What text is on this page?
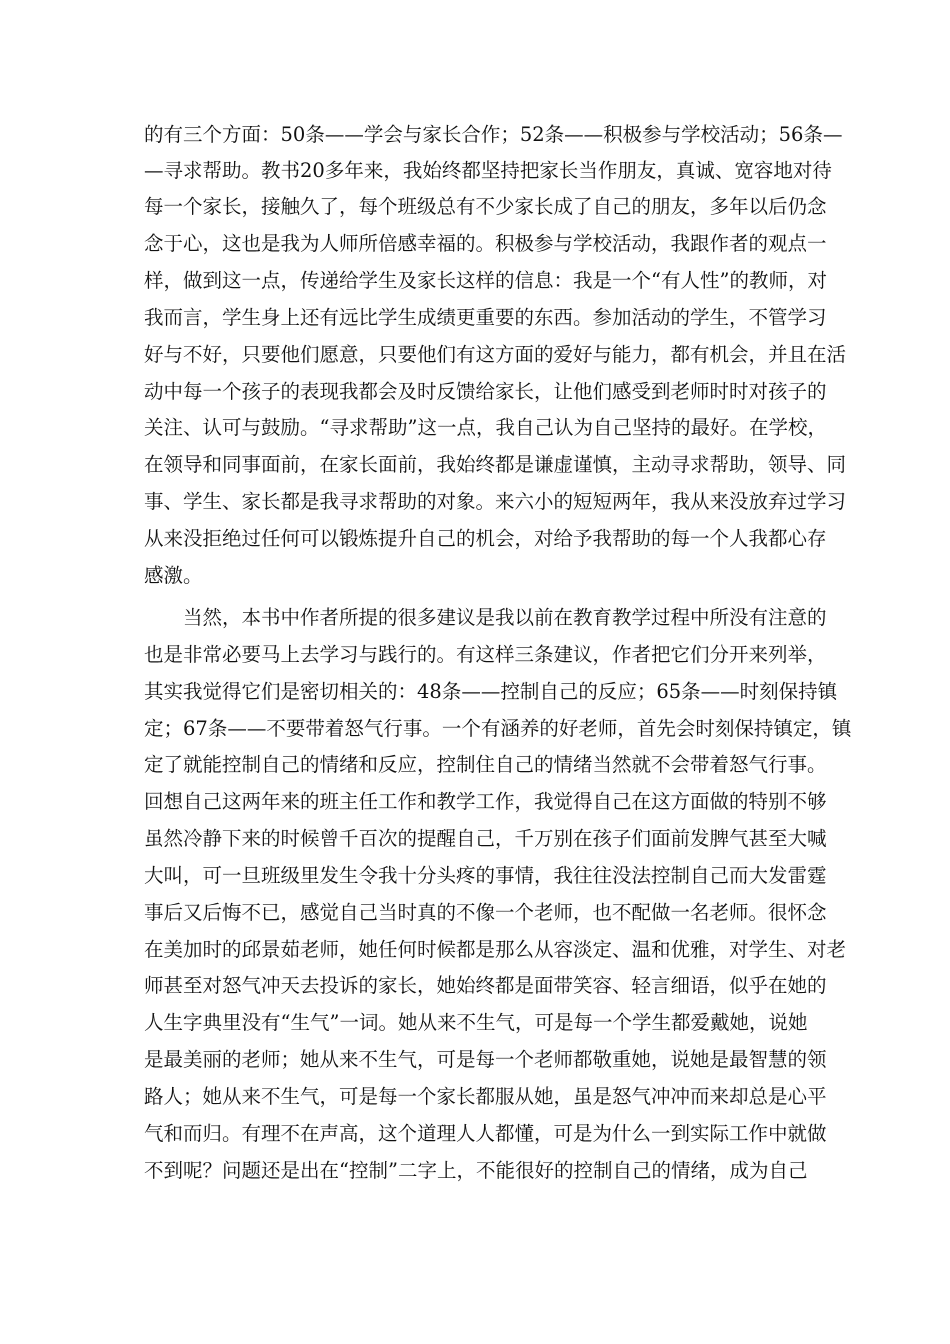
的有三个方面：50条——学会与家长合作；52条——积极参与学校活动；56条—
—寻求帮助。教书20多年来，我始终都坚持把家长当作朋友，真诚、宽容地对待
每一个家长，接触久了，每个班级总有不少家长成了自己的朋友，多年以后仍念
念于心，这也是我为人师所倍感幸福的。积极参与学校活动，我跟作者的观点一
样，做到这一点，传递给学生及家长这样的信息：我是一个“有人性”的教师，对
我而言，学生身上还有远比学生成绩更重要的东西。参加活动的学生，不管学习
好与不好，只要他们愿意，只要他们有这方面的爱好与能力，都有机会，并且在活
动中每一个孩子的表现我都会及时反馈给家长，让他们感受到老师时时对孩子的
关注、认可与鼓励。“寻求帮助”这一点，我自己认为自己坚持的最好。在学校，
在领导和同事面前，在家长面前，我始终都是谦虚谨慎，主动寻求帮助，领导、同
事、学生、家长都是我寻求帮助的对象。来六小的短短两年，我从来没放弃过学习
从来没拒绝过任何可以锻炼提升自己的机会，对给予我帮助的每一个人我都心存
感激。
当然，本书中作者所提的很多建议是我以前在教育教学过程中所没有注意的
也是非常必要马上去学习与践行的。有这样三条建议，作者把它们分开来列举，
其实我觉得它们是密切相关的：48条——控制自己的反应；65条——时刻保持镇
定；67条——不要带着怒气行事。一个有涵养的好老师，首先会时刻保持镇定，镇
定了就能控制自己的情绪和反应，控制住自己的情绪当然就不会带着怒气行事。
回想自己这两年来的班主任工作和教学工作，我觉得自己在这方面做的特别不够
虽然冷静下来的时候曾千百次的提醒自己，千万别在孩子们面前发脾气甚至大喊
大叫，可一旦班级里发生令我十分头疼的事情，我往往没法控制自己而大发雷霆
事后又后悔不已，感觉自己当时真的不像一个老师，也不配做一名老师。很怀念
在美加时的邱景茹老师，她任何时候都是那么从容淡定、温和优雅，对学生、对老
师甚至对怒气冲天去投诉的家长，她始终都是面带笑容、轻言细语，似乎在她的
人生字典里没有“生气”一词。她从来不生气，可是每一个学生都爱戴她，说她
是最美丽的老师；她从来不生气，可是每一个老师都敬重她，说她是最智慧的领
路人；她从来不生气，可是每一个家长都服从她，虽是怒气冲冲而来却总是心平
气和而归。有理不在声高，这个道理人人都懂，可是为什么一到实际工作中就做
不到呢？问题还是出在“控制”二字上，不能很好的控制自己的情绪，成为自己
